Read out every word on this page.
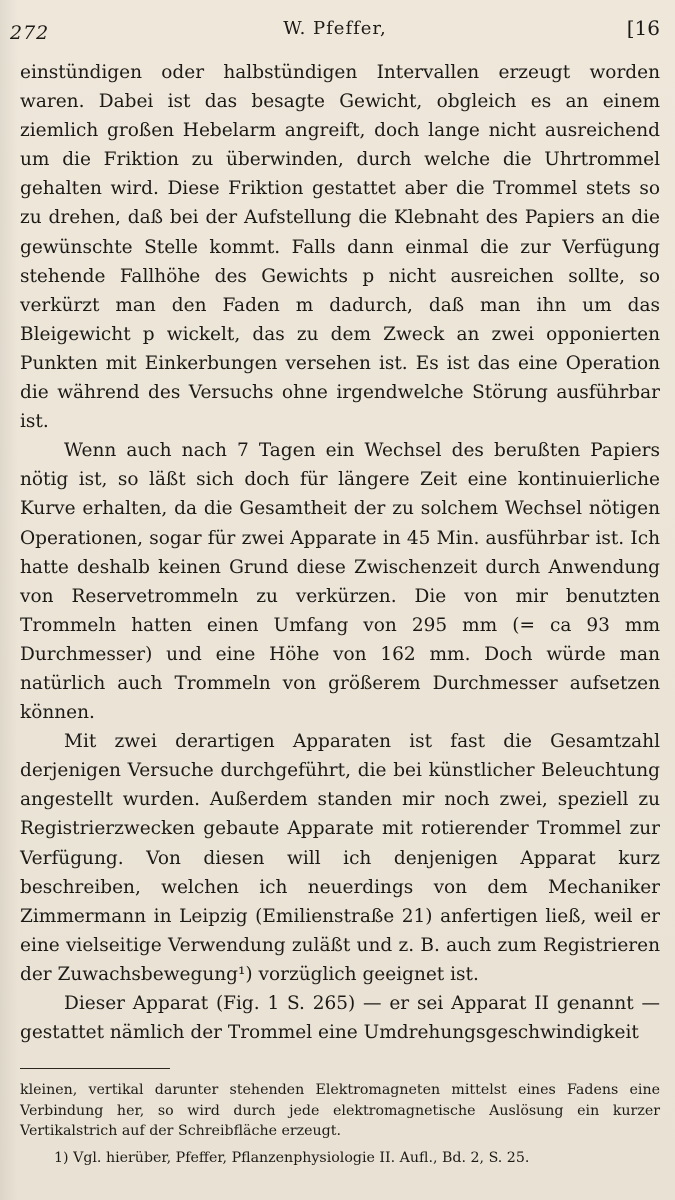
272	W. Pfeffer,	[16

einstündigen oder halbstündigen Intervallen erzeugt worden waren. Dabei ist das besagte Gewicht, obgleich es an einem ziemlich großen Hebelarm angreift, doch lange nicht ausreichend um die Friktion zu überwinden, durch welche die Uhrtrommel gehalten wird. Diese Friktion gestattet aber die Trommel stets so zu drehen, daß bei der Aufstellung die Klebnaht des Papiers an die gewünschte Stelle kommt. Falls dann einmal die zur Verfügung stehende Fallhöhe des Gewichts p nicht ausreichen sollte, so verkürzt man den Faden m dadurch, daß man ihn um das Bleigewicht p wickelt, das zu dem Zweck an zwei opponierten Punkten mit Einkerbungen versehen ist. Es ist das eine Operation die während des Versuchs ohne irgendwelche Störung ausführbar ist.

Wenn auch nach 7 Tagen ein Wechsel des berußten Papiers nötig ist, so läßt sich doch für längere Zeit eine kontinuierliche Kurve erhalten, da die Gesamtheit der zu solchem Wechsel nötigen Operationen, sogar für zwei Apparate in 45 Min. ausführbar ist. Ich hatte deshalb keinen Grund diese Zwischenzeit durch Anwendung von Reservetrommeln zu verkürzen. Die von mir benutzten Trommeln hatten einen Umfang von 295 mm (= ca 93 mm Durchmesser) und eine Höhe von 162 mm. Doch würde man natürlich auch Trommeln von größerem Durchmesser aufsetzen können.

Mit zwei derartigen Apparaten ist fast die Gesamtzahl derjenigen Versuche durchgeführt, die bei künstlicher Beleuchtung angestellt wurden. Außerdem standen mir noch zwei, speziell zu Registrierzwecken gebaute Apparate mit rotierender Trommel zur Verfügung. Von diesen will ich denjenigen Apparat kurz beschreiben, welchen ich neuerdings von dem Mechaniker Zimmermann in Leipzig (Emilienstraße 21) anfertigen ließ, weil er eine vielseitige Verwendung zuläßt und z. B. auch zum Registrieren der Zuwachsbewegung¹) vorzüglich geeignet ist.

Dieser Apparat (Fig. 1 S. 265) — er sei Apparat II genannt — gestattet nämlich der Trommel eine Umdrehungsgeschwindigkeit

kleinen, vertikal darunter stehenden Elektromagneten mittelst eines Fadens eine Verbindung her, so wird durch jede elektromagnetische Auslösung ein kurzer Vertikalstrich auf der Schreibfläche erzeugt.

1) Vgl. hierüber, Pfeffer, Pflanzenphysiologie II. Aufl., Bd. 2, S. 25.
